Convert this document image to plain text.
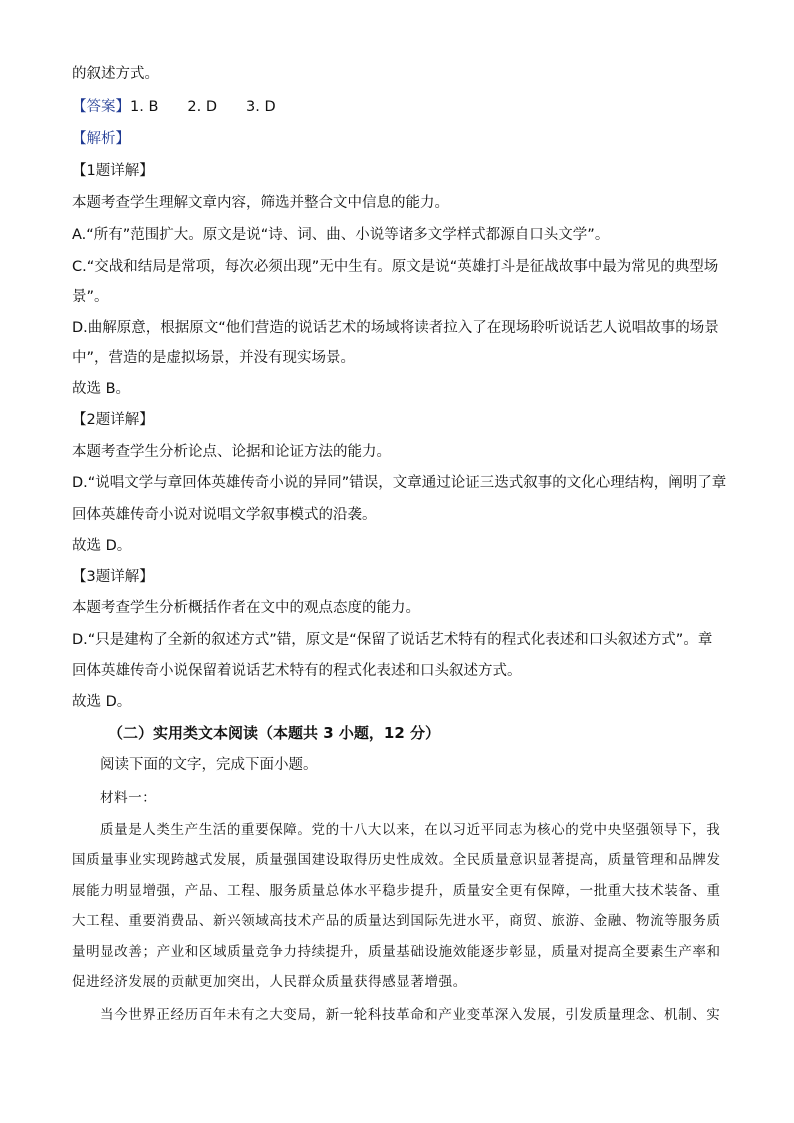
的叙述方式。
【答案】1. B　　2. D　　3. D
【解析】
【1题详解】
本题考查学生理解文章内容，筛选并整合文中信息的能力。
A.“所有”范围扩大。原文是说“诗、词、曲、小说等诸多文学样式都源自口头文学”。
C.“交战和结局是常项，每次必须出现”无中生有。原文是说“英雄打斗是征战故事中最为常见的典型场
景”。
D.曲解原意，根据原文“他们营造的说话艺术的场域将读者拉入了在现场聆听说话艺人说唱故事的场景
中”，营造的是虚拟场景，并没有现实场景。
故选 B。
【2题详解】
本题考查学生分析论点、论据和论证方法的能力。
D.“说唱文学与章回体英雄传奇小说的异同”错误，文章通过论证三迭式叙事的文化心理结构，阐明了章
回体英雄传奇小说对说唱文学叙事模式的沿袭。
故选 D。
【3题详解】
本题考查学生分析概括作者在文中的观点态度的能力。
D.“只是建构了全新的叙述方式”错，原文是“保留了说话艺术特有的程式化表述和口头叙述方式”。章
回体英雄传奇小说保留着说话艺术特有的程式化表述和口头叙述方式。
故选 D。
（二）实用类文本阅读（本题共 3 小题，12 分）
阅读下面的文字，完成下面小题。
材料一：
质量是人类生产生活的重要保障。党的十八大以来，在以习近平同志为核心的党中央坚强领导下，我
国质量事业实现跨越式发展，质量强国建设取得历史性成效。全民质量意识显著提高，质量管理和品牌发
展能力明显增强，产品、工程、服务质量总体水平稳步提升，质量安全更有保障，一批重大技术装备、重
大工程、重要消费品、新兴领域高技术产品的质量达到国际先进水平，商贸、旅游、金融、物流等服务质
量明显改善；产业和区域质量竞争力持续提升，质量基础设施效能逐步彰显，质量对提高全要素生产率和
促进经济发展的贡献更加突出，人民群众质量获得感显著增强。
当今世界正经历百年未有之大变局，新一轮科技革命和产业变革深入发展，引发质量理念、机制、实
